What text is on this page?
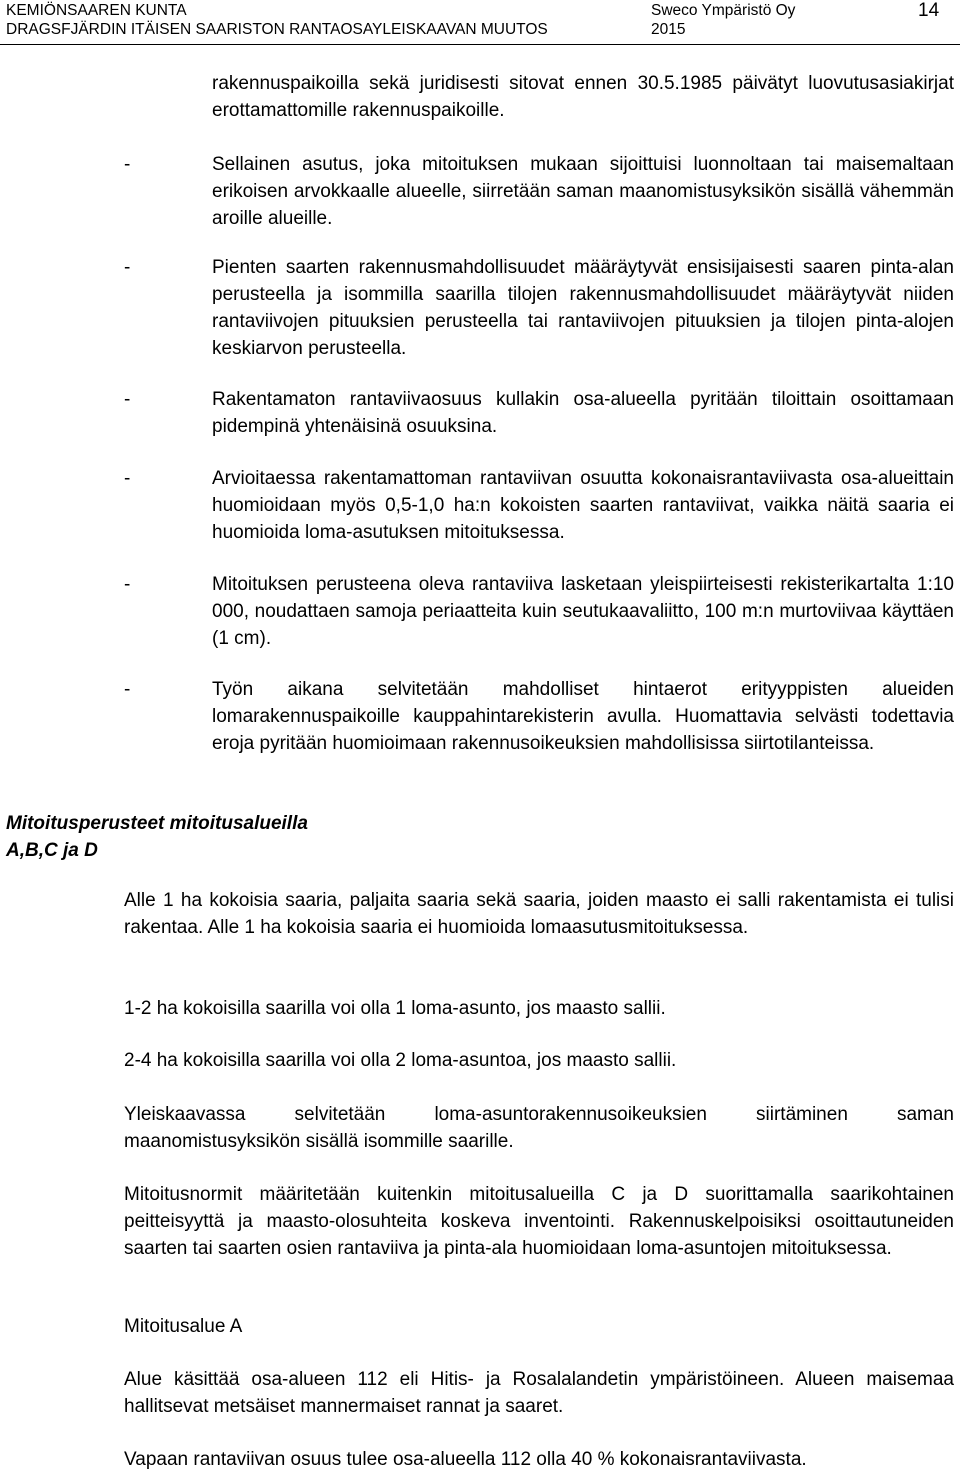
KEMIÖNSAAREN KUNTA
DRAGSFJÄRDIN ITÄISEN SAARISTON RANTAOSAYLEISKAAVAN MUUTOS
Sweco Ympäristö Oy
2015
14

rakennuspaikoilla sekä juridisesti sitovat ennen 30.5.1985 päivätyt luovutusasiakirjat erottamattomille rakennuspaikoille.

-	Sellainen asutus, joka mitoituksen mukaan sijoittuisi luonnoltaan tai maisemaltaan erikoisen arvokkaalle alueelle, siirretään saman maanomistusyksikön sisällä vähemmän aroille alueille.

-	Pienten saarten rakennusmahdollisuudet määräytyvät ensisijaisesti saaren pinta-alan perusteella ja isommilla saarilla tilojen rakennusmahdollisuudet määräytyvät niiden rantaviivojen pituuksien perusteella tai rantaviivojen pituuksien ja tilojen pinta-alojen keskiarvon perusteella.

-	Rakentamaton rantaviivaosuus kullakin osa-alueella pyritään tiloittain osoittamaan pidempinä yhtenäisinä osuuksina.

-	Arvioitaessa rakentamattoman rantaviivan osuutta kokonaisrantaviivasta osa-alueittain huomioidaan myös 0,5-1,0 ha:n kokoisten saarten rantaviivat, vaikka näitä saaria ei huomioida loma-asutuksen mitoituksessa.

-	Mitoituksen perusteena oleva rantaviiva lasketaan yleispiirteisesti rekisterikartalta 1:10 000, noudattaen samoja periaatteita kuin seutukaavaliitto, 100 m:n murtoviivaa käyttäen (1 cm).

-	Työn aikana selvitetään mahdolliset hintaerot erityyppisten alueiden lomarakennuspaikoille kauppahintarekisterin avulla. Huomattavia selvästi todettavia eroja pyritään huomioimaan rakennusoikeuksien mahdollisissa siirtotilanteissa.

Mitoitusperusteet mitoitusalueilla
A,B,C ja D

Alle 1 ha kokoisia saaria, paljaita saaria sekä saaria, joiden maasto ei salli rakentamista ei tulisi rakentaa. Alle 1 ha kokoisia saaria ei huomioida lomaasutusmitoituksessa.

1-2 ha kokoisilla saarilla voi olla 1 loma-asunto, jos maasto sallii.

2-4 ha kokoisilla saarilla voi olla 2 loma-asuntoa, jos maasto sallii.

Yleiskaavassa selvitetään loma-asuntorakennusoikeuksien siirtäminen saman maanomistusyksikön sisällä isommille saarille.

Mitoitusnormit määritetään kuitenkin mitoitusalueilla C ja D suorittamalla saarikohtainen peitteisyyttä ja maasto-olosuhteita koskeva inventointi. Rakennuskelpoisiksi osoittautuneiden saarten tai saarten osien rantaviiva ja pinta-ala huomioidaan loma-asuntojen mitoituksessa.

Mitoitusalue A

Alue käsittää osa-alueen 112 eli Hitis- ja Rosalalandetin ympäristöineen. Alueen maisemaa hallitsevat metsäiset mannermaiset rannat ja saaret.

Vapaan rantaviivan osuus tulee osa-alueella 112 olla 40 % kokonaisrantaviivasta.
